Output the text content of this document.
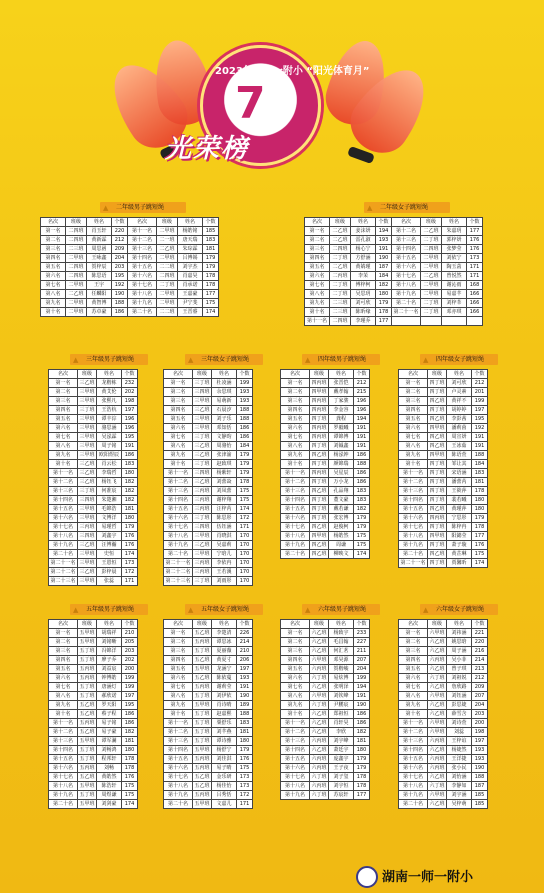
7
2023年一师一附小 “阳光体育月”
光荣榜
▲ 二年级男子跳短绳
名次	班级	姓名	个数	名次	班级	姓名	个数
第一名	二四班	肖玉轩	220	第十一名	二甲班	杨皓铭	185
第二名	二四班	黄新霖	212	第十二名	二一班	唐天瑞	183
第三名	二三班	周思函	209	第十三名	二乙班	朱琮霖	181
第四名	二甲班	王咏鑫	204	第十四名	二甲班	吕博锡	179
第五名	二四班	贺梓辰	203	第十五名	二二班	刘宇杰	179
第六名	二四班	陈思语	195	第十六名	二四班	肖嘉昊	178
第七名	二甲班	王宇	192	第十七名	二丁班	肖承诺	178
第八名	二乙班	任麟阳	190	第十八名	二甲班	王嘉豪	177
第九名	二甲班	黄智博	188	第十九名	二甲班	尹宁斐	175
第十名	二甲班	苏卓豪	186	第二十名	二二班	王晋睿	174
▲ 二年级女子跳短绳
名次	班级	姓名	个数	名次	班级	姓名	个数
第一名	二乙班	姜沫妍	194	第十二名	二乙班	朱嘉玥	177
第二名	二乙班	雷孔淑	193	第十三名	二丁班	郭梓妍	176
第三名	二四班	杨心宁	191	第十四名	二四班	张梦莹	176
第四名	二丁班	方舒涵	190	第十五名	二甲班	刘依宁	173
第五名	二乙班	黄婧瑾	187	第十六名	二甲班	陶玉菡	171
第六名	二丙班	李茉	184	第十七名	二乙班	曾悦然	171
第七名	二丁班	傅梓柯	182	第十八名	二甲班	谢沁雨	168
第八名	二丁班	吴思玥	180	第十九名	二甲班	易嘉芊	166
第九名	二三班	刘可欣	179	第二十名	二丁班	刘梓莘	166
第十名	二三班	陈昕缘	178	第二十一名	二丁班	邓亦琪	166
第十一名	二四班	李瑾乔	177				
▲ 三年级男子跳短绳
名次	班级	姓名	个数
第一名	三乙班	龙楷栋	232
第二名	三甲班	黄艾伦	202
第三名	三甲班	张熙凡	198
第四名	三丁班	王浩杭	197
第五名	三甲班	谭丰淙	196
第六名	三甲班	骆思涵	196
第七名	三甲班	吴泓霖	195
第八名	三甲班	周子铭	191
第九名	三甲班	欧阳煜辰	186
第十名	三乙班	肖云松	183
第十一名	三乙班	李瑞哲	180
第十二名	三乙班	杨钰飞	182
第十三名	三丁班	何准宸	182
第十四名	三四班	朱楚湘	182
第十五名	三甲班	毛锦浩	181
第十六名	三甲班	文博洋	180
第十七名	三丙班	易瑾哲	179
第十八名	三四班	刘鑫宇	176
第十九名	三乙班	汪博瀚	176
第二十名	三甲班	史恒	174
第二十一名	三甲班	王恩恒	173
第二十二名	三乙班	彭梓晨	172
第二十三名	三甲班	张蕊	171
▲ 三年级女子跳短绳
名次	班级	姓名	个数
第一名	三丁班	杜凌涵	199
第二名	三四班	余思琪	193
第三名	三甲班	易萌新	193
第四名	三乙班	石晨汐	188
第五名	三甲班	刘子乐	188
第六名	三甲班	邓知恬	186
第七名	三丁班	文静昀	186
第八名	三乙班	周骆怡	184
第九名	三乙班	张津渝	179
第十名	三丁班	赵致琪	179
第十一名	三四班	杨紫轩	179
第十二名	三乙班	刘蕾焱	178
第十三名	三丙班	刘凤蕾	175
第十四名	三丙班	谢梓翔	175
第十五名	三丙班	汪梓芮	174
第十六名	三丁班	陈思彤	172
第十七名	三四班	伍钰涵	171
第十八名	三甲班	肖晓淇	170
第十九名	三乙班	吴嘉莉	170
第二十名	三甲班	宁晗儿	170
第二十一名	三丙班	李依冉	170
第二十二名	三丙班	王若溪	170
第二十三名	三丁班	刘雨彤	170
▲ 四年级男子跳短绳
名次	班级	姓名	个数
第一名	四丙班	张晋恺	212
第二名	四甲班	戴孝翰	215
第三名	四丙班	丁家骏	196
第四名	四丙班	李金容	196
第五名	四丁班	龚程	194
第六名	四丙班	罗毅曦	191
第七名	四丙班	谭锦博	191
第八名	四丁班	刘铖鑫	191
第九名	四乙班	杨泓钟	186
第十名	四丁班	颜锦瑞	188
第十一名	四丙班	吴星辰	186
第十二名	四丁班	万小龙	186
第十三名	四乙班	孔品翔	183
第十四名	四丁班	董文豪	183
第十五名	四丁班	戴若谦	182
第十六名	四丁班	张宏博	179
第十七名	四乙班	赵俊柯	179
第十八名	四甲班	杨皓然	175
第十九名	四乙班	周谦	175
第二十名	四乙班	柳映文	174
▲ 四年级女子跳短绳
名次	班级	姓名	个数
第一名	四丁班	刘可欣	212
第二名	四丁班	卢灵素	201
第三名	四乙班	黄祥不	199
第四名	四丁班	胡婷婷	197
第五名	四乙班	李彭茜	195
第六名	四甲班	潘莉茵	192
第七名	四乙班	周宣妍	191
第八名	四乙班	王冰茹	191
第九名	四甲班	陈语萱	188
第十名	四丁班	邹让其	184
第十一名	四丁班	宋语涵	183
第十二名	四丁班	潘蕾芮	181
第十三名	四丁班	王筱萍	178
第十四名	四丁班	裴若曦	180
第十五名	四乙班	黄瑾萍	180
第十六名	四丙班	宁思彤	179
第十七名	四丁班	陈梓冉	178
第十八名	四甲班	阳懿莹	177
第十九名	四丁班	萧子璇	176
第二十名	四乙班	黄芷琳	175
第二十一名	四丁班	贾馨昕	174
▲ 五年级男子跳短绳
名次	班级	姓名	个数
第一名	五甲班	胡瑞祥	210
第二名	五甲班	刘铭晰	205
第三名	五丁班	冯锦洋	203
第四名	五丁班	廖子乔	202
第五名	五丙班	刘益宸	200
第六名	五丙班	钟博皓	199
第七名	五丁班	唐涵灯	199
第八名	五丁班	郝欣诺	197
第九名	五乙班	罗天阳	195
第十名	五乙班	蔡子程	186
第十一名	五丙班	易子铭	186
第十二名	五乙班	易子豪	182
第十三名	五甲班	谭军澜	181
第十四名	五丁班	刘畅鸿	180
第十五名	五丁班	程邦轩	178
第十六名	五丙班	刘畅	178
第十七名	五乙班	黄皓然	176
第十八名	五甲班	陈浩轩	175
第十九名	五丁班	周煜谦	175
第二十名	五甲班	刘剑豪	174
▲ 五年级女子跳短绳
名次	班级	姓名	个数
第一名	五乙班	李楚清	226
第二名	五丙班	谭思冰	214
第三名	五丁班	夏丽薇	210
第四名	五乙班	黄夏寸	206
第五名	五甲班	龙涵宁	197
第六名	五乙班	陈依蔓	193
第七名	五丙班	谢莉莹	191
第八名	五丁班	刘伊依	190
第九名	五甲班	肖诗晴	189
第十名	五丁班	赵嘉熙	188
第十一名	五丁班	粟舒乐	183
第十二名	五丁班	刘芊燕	181
第十三名	五丁班	谭诗雅	180
第十四名	五甲班	杨舒宁	179
第十五名	五丙班	刘佳淇	176
第十六名	五丙班	易子晴	175
第十七名	五乙班	金乐研	173
第十八名	五乙班	杨佳怡	173
第十九名	五丙班	吕秀恬	172
第二十名	五甲班	文嘉儿	171
▲ 六年级男子跳短绳
名次	班级	姓名	个数
第一名	六乙班	杨致宇	233
第二名	六乙班	毛昌翰	227
第三名	六乙班	何汇茗	211
第四名	六甲班	邓昊源	207
第五名	六丙班	贺楷峻	204
第六名	六丁班	易炫博	199
第七名	六乙班	张明泽	194
第八名	六甲班	刘钦峰	191
第九名	六丁班	尹鹏宸	190
第十名	六乙班	郑祖恒	186
第十一名	六乙班	肖轩昊	186
第十二名	六乙班	李欣	182
第十三名	六丙班	刘宇峰	181
第十四名	六乙班	萧廷宇	180
第十五名	六丙班	庞鑫宇	179
第十六名	六丙班	王子夜	179
第十七名	六丁班	刘子玺	178
第十八名	六丙班	刘宇恒	178
第十九名	六丁班	苏宸轩	177
▲ 六年级女子跳短绳
名次	班级	姓名	个数
第一名	六甲班	刘祎涵	221
第二名	六乙班	姚思晗	220
第三名	六乙班	周子涵	216
第四名	六丙班	吴小菲	214
第五名	六乙班	曾子琪	213
第六名	六丁班	刘祖锐	212
第七名	六乙班	詹欣路	209
第八名	六甲班	刘钰涵	207
第九名	六乙班	彭思婕	204
第十名	六乙班	薛雪含	203
第十一名	六甲班	刘诗萱	200
第十二名	六甲班	刘蕊	198
第十三名	六丙班	王梓谊	197
第十四名	六乙班	杨婕然	193
第十五名	六丙班	王洋捷	193
第十六名	六丙班	张小民	190
第十七名	六乙班	刘怡涵	188
第十八名	六丁班	李静如	187
第十九名	六甲班	刘宇涵	185
第二十名	六乙班	吴梓萌	185
湖南一师一附小
